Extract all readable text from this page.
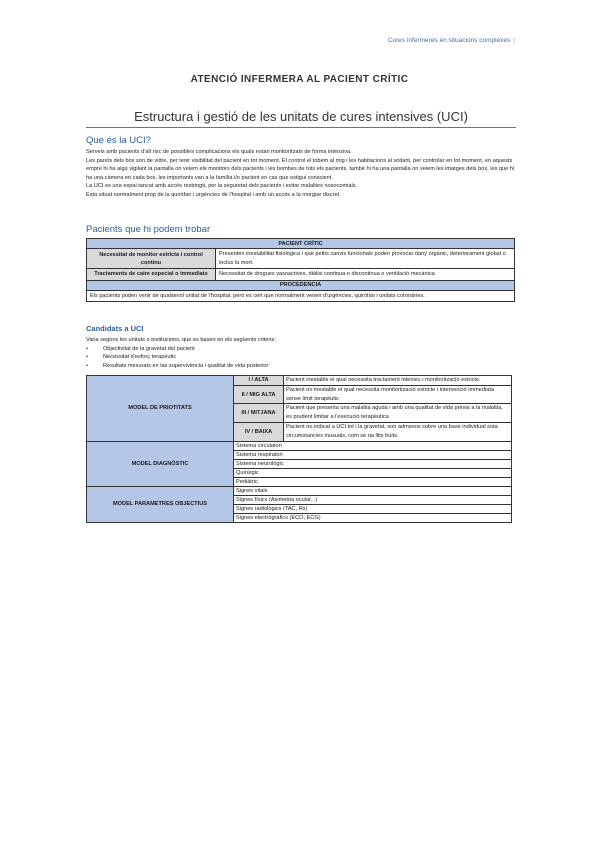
Cures infermeres en situacions complexes |
ATENCIÓ INFERMERA AL PACIENT CRÍTIC
Estructura i gestió de les unitats de cures intensives (UCI)
Que és la UCI?

Serveis amb pacients d'alt risc de possibles complicacions els quals estan monitoritzats de forma intensiva.

Les parets dels box son de vidre, per tenir visibilitat del pacient en tot moment. El control el tobem al mig i les habitacions al voltant, per controlar en tot moment, en aquests empre hi ha algú vigilant la pantalla on veiem els monitors dels pacients i les bombes de tots els pacients, també hi ha una pantalla on veiem les imatges dels box, les que hi ha una càmera en cada box, les importants van a la família i/o pacient en cas que estigui conscient.

La UCI es una espai tancat amb accés restringit, per la seguretat dels pacients i evitar malalties nosocomials.

Esta situat normalment prop de la quiròfan i urgències de l'hospital i amb un accés a la morgue discret.

Pacients que hi podem trobar
PACIENT CRÍTIC	
Necessitat de monitor estricta i control continu	Presenten inestabilitat fisiològica i que petits canvis funcionals poden provocar dany orgànic, deteriorament global o inclús la mort.
Tractaments de caire especial o immediats	Necessitat de drogues vasoactives, diàlisi continua o discontinua o ventilació mecànica
PROCEDENCIA	
Els pacients poden venir de qualsevol unitat de l'hospital, però es cert que normalment venen d'urgències, quiròfan i unitats coronàries.	
Candidats a UCI
Varia segons les unitats o institucions, que es basen en els següents criteris;
• Objectivitat de la gravetat del pacient
• Necessitat d'esforç terapèutic
• Resultats mesurats en las supervivència i qualitat de vida posterior
MODEL DE PRIOTITATS	I / ALTA	Pacient inestable el qual necessita tractament intensiu i monitorització estricte.
	II / MIG ALTA	Pacient no inestable el qual necessita monitorització estricte i intervenció immediata sense límit terapèutic
	III / MITJANA	Pacient que presenta una malaltia aguda i amb una qualitat de vida prèvia a la malaltia, es prudent limitar a l'execució terapèutica
	IV / BAIXA	Pacient no indicat a UCI tot i la gravetat, son admesos sobre una base individual sota circumstancies inusuals, com se ria llits buits.
MODEL DIAGNÒSTIC	Sistema circulatori	
	Sistema respiratori	
	Sistema neurològic	
	Quirúrgic	
	Pediàtric	
MODEL PARAMETRES OBJECTIUS	Signes vitals	
	Signes físics (Asimetria ocular...)	
	Signes radiològics (TAC, Rx)	
	Signes electrogràfics (ECO, ECG)	
